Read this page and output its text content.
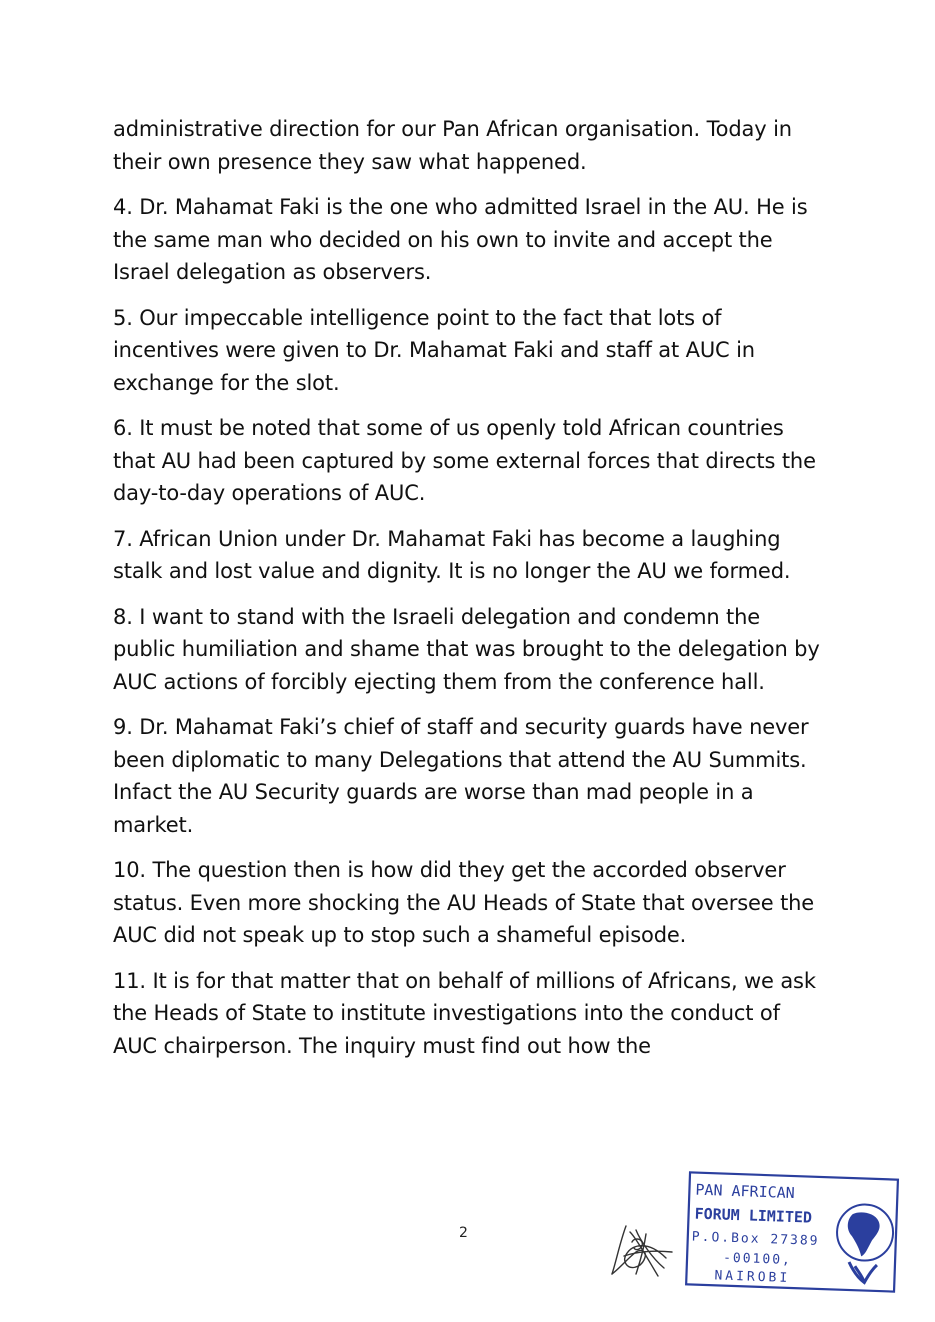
administrative direction for our Pan African organisation. Today in their own presence they saw what happened.

4. Dr. Mahamat Faki is the one who admitted Israel in the AU. He is the same man who decided on his own to invite and accept the Israel delegation as observers.

5. Our impeccable intelligence point to the fact that lots of incentives were given to Dr. Mahamat Faki and staff at AUC in exchange for the slot.

6. It must be noted that some of us openly told African countries that AU had been captured by some external forces that directs the day-to-day operations of AUC.

7. African Union under Dr. Mahamat Faki has become a laughing stalk and lost value and dignity. It is no longer the AU we formed.

8. I want to stand with the Israeli delegation and condemn the public humiliation and shame that was brought to the delegation by AUC actions of forcibly ejecting them from the conference hall.

9. Dr. Mahamat Faki’s chief of staff and security guards have never been diplomatic to many Delegations that attend the AU Summits. Infact the AU Security guards are worse than mad people in a market.

10. The question then is how did they get the accorded observer status. Even more shocking the AU Heads of State that oversee the AUC did not speak up to stop such a shameful episode.

11. It is for that matter that on behalf of millions of Africans, we ask the Heads of State to institute investigations into the conduct of AUC chairperson. The inquiry must find out how the

2
PAN AFRICAN
FORUM LIMITED
P.O.Box 27389
-00100,
NAIROBI
